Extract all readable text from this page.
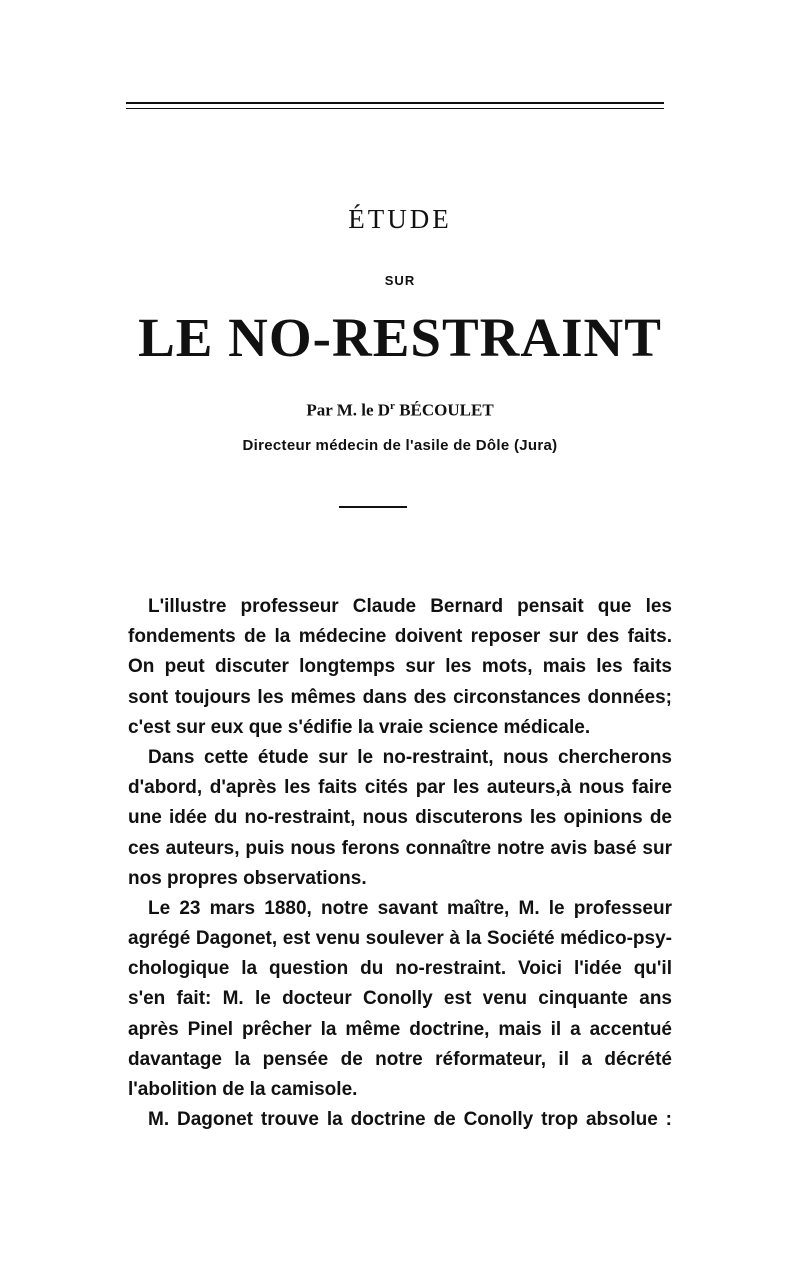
ÉTUDE
SUR
LE NO-RESTRAINT
Par M. le $D^r$ BÉCOULET
Directeur médecin de l'asile de Dôle (Jura)
L'illustre professeur Claude Bernard pensait que les
fondements de la médecine doivent reposer sur des faits.
On peut discuter longtemps sur les mots, mais les faits
sont toujours les mêmes dans des circonstances données;
c'est sur eux que s'édifie la vraie science médicale.
Dans cette étude sur le no-restraint, nous chercherons
d'abord, d'après les faits cités par les auteurs,à nous faire
une idée du no-restraint, nous discuterons les opinions de
ces auteurs, puis nous ferons connaître notre avis basé sur
nos propres observations.
Le 23 mars 1880, notre savant maître, M. le professeur
agrégé Dagonet, est venu soulever à la Société médico-psy-
chologique la question du no-restraint. Voici l'idée qu'il
s'en fait: M. le docteur Conolly est venu cinquante ans
après Pinel prêcher la même doctrine, mais il a accentué
davantage la pensée de notre réformateur, il a décrété
l'abolition de la camisole.
M. Dagonet trouve la doctrine de Conolly trop absolue :
